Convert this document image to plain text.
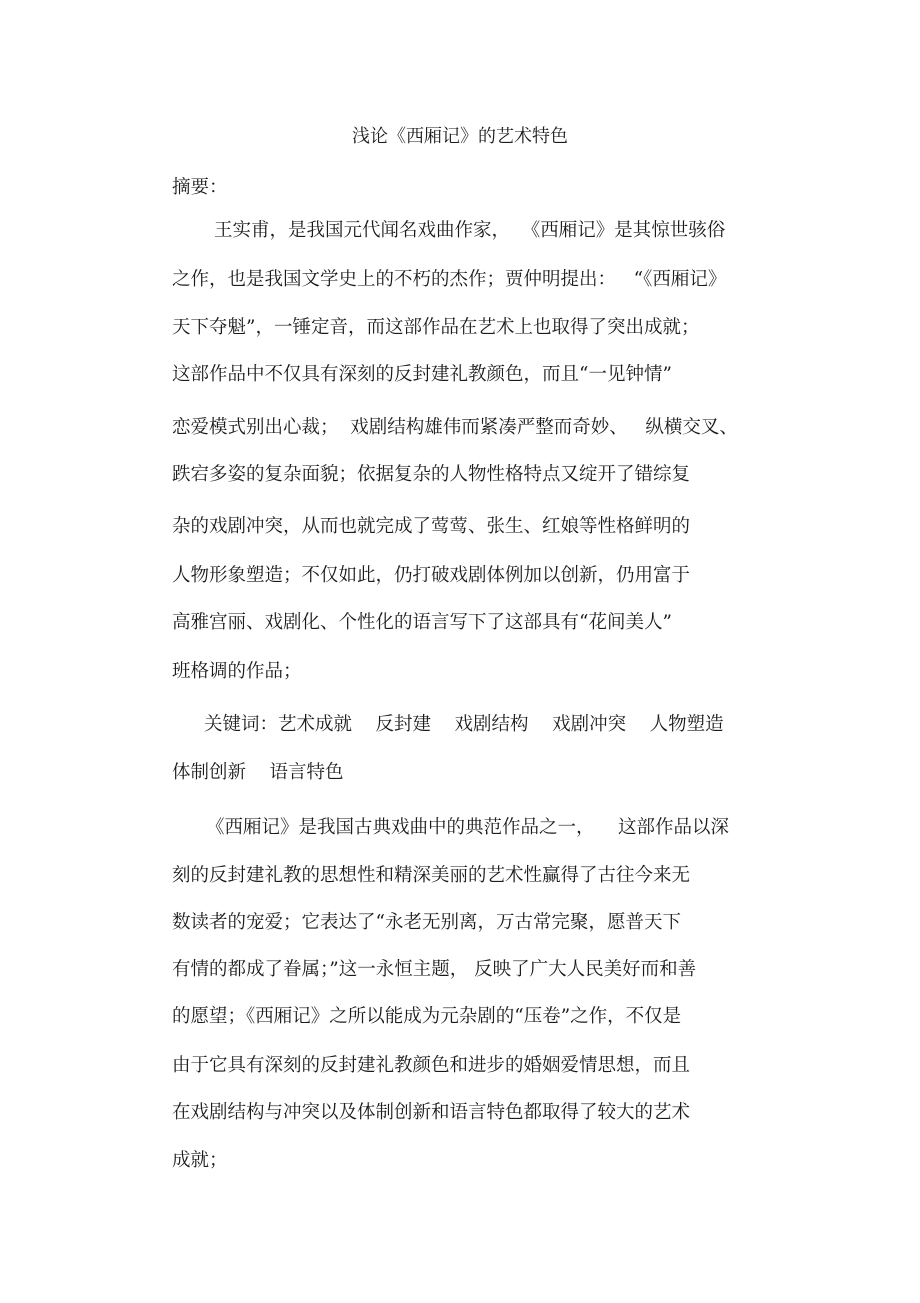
浅论《西厢记》的艺术特色
摘要：
王实甫，是我国元代闻名戏曲作家，  《西厢记》是其惊世骇俗
之作，也是我国文学史上的不朽的杰作；贾仲明提出：   “《西厢记》
天下夺魁”，一锤定音，而这部作品在艺术上也取得了突出成就；
这部作品中不仅具有深刻的反封建礼教颜色，而且“一见钟情”
恋爱模式别出心裁；  戏剧结构雄伟而紧凑严整而奇妙、   纵横交叉、
跌宕多姿的复杂面貌；依据复杂的人物性格特点又绽开了错综复
杂的戏剧冲突，从而也就完成了莺莺、张生、红娘等性格鲜明的
人物形象塑造；不仅如此，仍打破戏剧体例加以创新，仍用富于
高雅宫丽、戏剧化、个性化的语言写下了这部具有“花间美人”
班格调的作品；
关键词：艺术成就    反封建    戏剧结构    戏剧冲突    人物塑造
体制创新    语言特色
《西厢记》是我国古典戏曲中的典范作品之一，    这部作品以深
刻的反封建礼教的思想性和精深美丽的艺术性赢得了古往今来无
数读者的宠爱；它表达了“永老无别离，万古常完聚，愿普天下
有情的都成了眷属；”这一永恒主题， 反映了广大人民美好而和善
的愿望；《西厢记》之所以能成为元杂剧的“压卷”之作，不仅是
由于它具有深刻的反封建礼教颜色和进步的婚姻爱情思想，而且
在戏剧结构与冲突以及体制创新和语言特色都取得了较大的艺术
成就；
